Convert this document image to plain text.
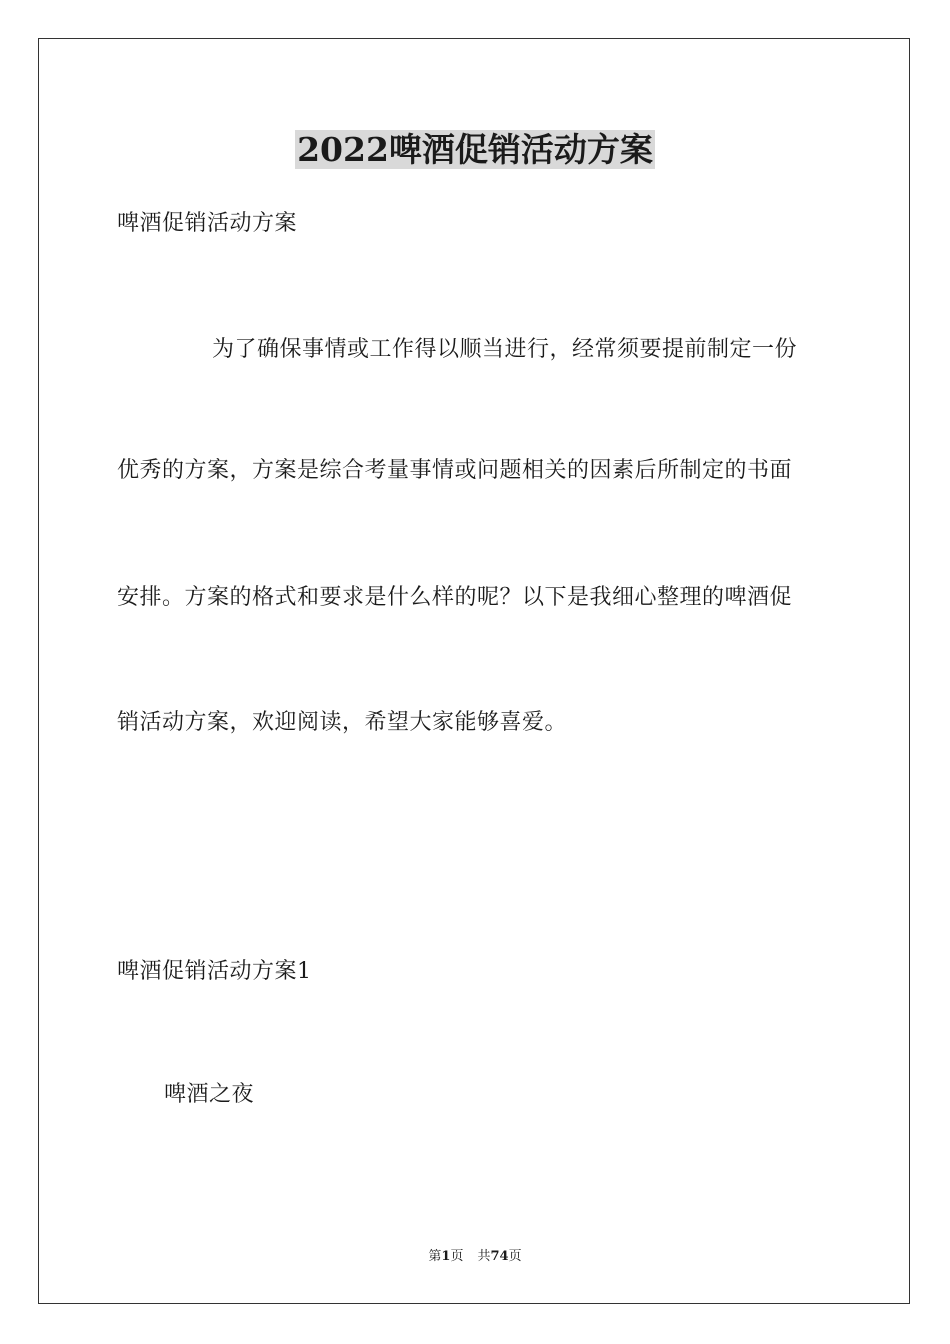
2022啤酒促销活动方案
啤酒促销活动方案
为了确保事情或工作得以顺当进行，经常须要提前制定一份
优秀的方案，方案是综合考量事情或问题相关的因素后所制定的书面
安排。方案的格式和要求是什么样的呢？以下是我细心整理的啤酒促
销活动方案，欢迎阅读，希望大家能够喜爱。
啤酒促销活动方案1
啤酒之夜
第1页 共74页
